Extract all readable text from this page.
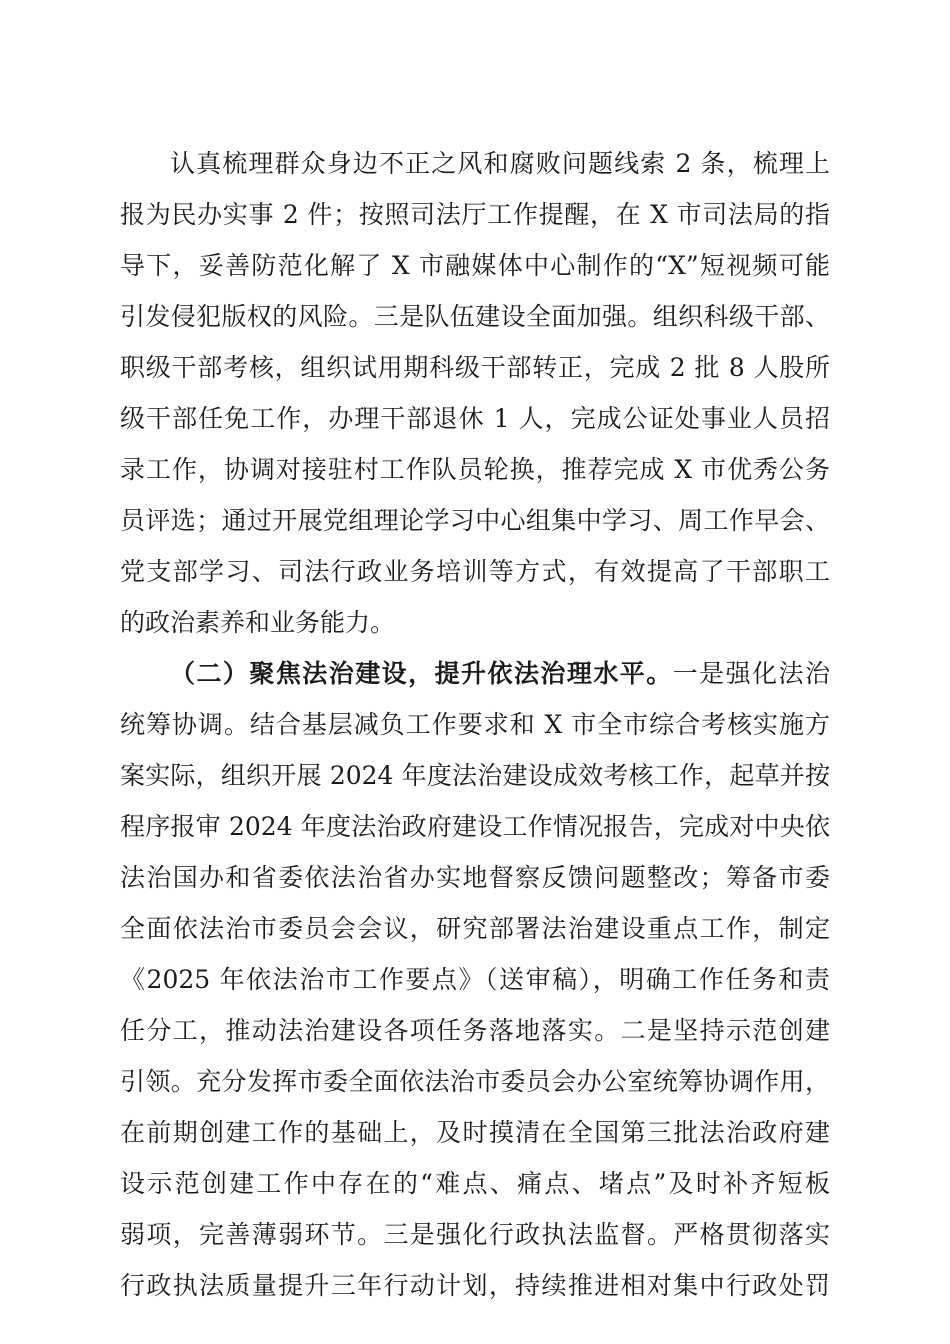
认真梳理群众身边不正之风和腐败问题线索 2 条，梳理上
报为民办实事 2 件；按照司法厅工作提醒，在 X 市司法局的指
导下，妥善防范化解了 X 市融媒体中心制作的“X”短视频可能
引发侵犯版权的风险。三是队伍建设全面加强。组织科级干部、
职级干部考核，组织试用期科级干部转正，完成 2 批 8 人股所
级干部任免工作，办理干部退休 1 人，完成公证处事业人员招
录工作，协调对接驻村工作队员轮换，推荐完成 X 市优秀公务
员评选；通过开展党组理论学习中心组集中学习、周工作早会、
党支部学习、司法行政业务培训等方式，有效提高了干部职工
的政治素养和业务能力。
（二）聚焦法治建设，提升依法治理水平。一是强化法治
统筹协调。结合基层减负工作要求和 X 市全市综合考核实施方
案实际，组织开展 2024 年度法治建设成效考核工作，起草并按
程序报审 2024 年度法治政府建设工作情况报告，完成对中央依
法治国办和省委依法治省办实地督察反馈问题整改；筹备市委
全面依法治市委员会会议，研究部署法治建设重点工作，制定
《2025 年依法治市工作要点》（送审稿），明确工作任务和责
任分工，推动法治建设各项任务落地落实。二是坚持示范创建
引领。充分发挥市委全面依法治市委员会办公室统筹协调作用，
在前期创建工作的基础上，及时摸清在全国第三批法治政府建
设示范创建工作中存在的“难点、痛点、堵点”及时补齐短板
弱项，完善薄弱环节。三是强化行政执法监督。严格贯彻落实
行政执法质量提升三年行动计划，持续推进相对集中行政处罚
